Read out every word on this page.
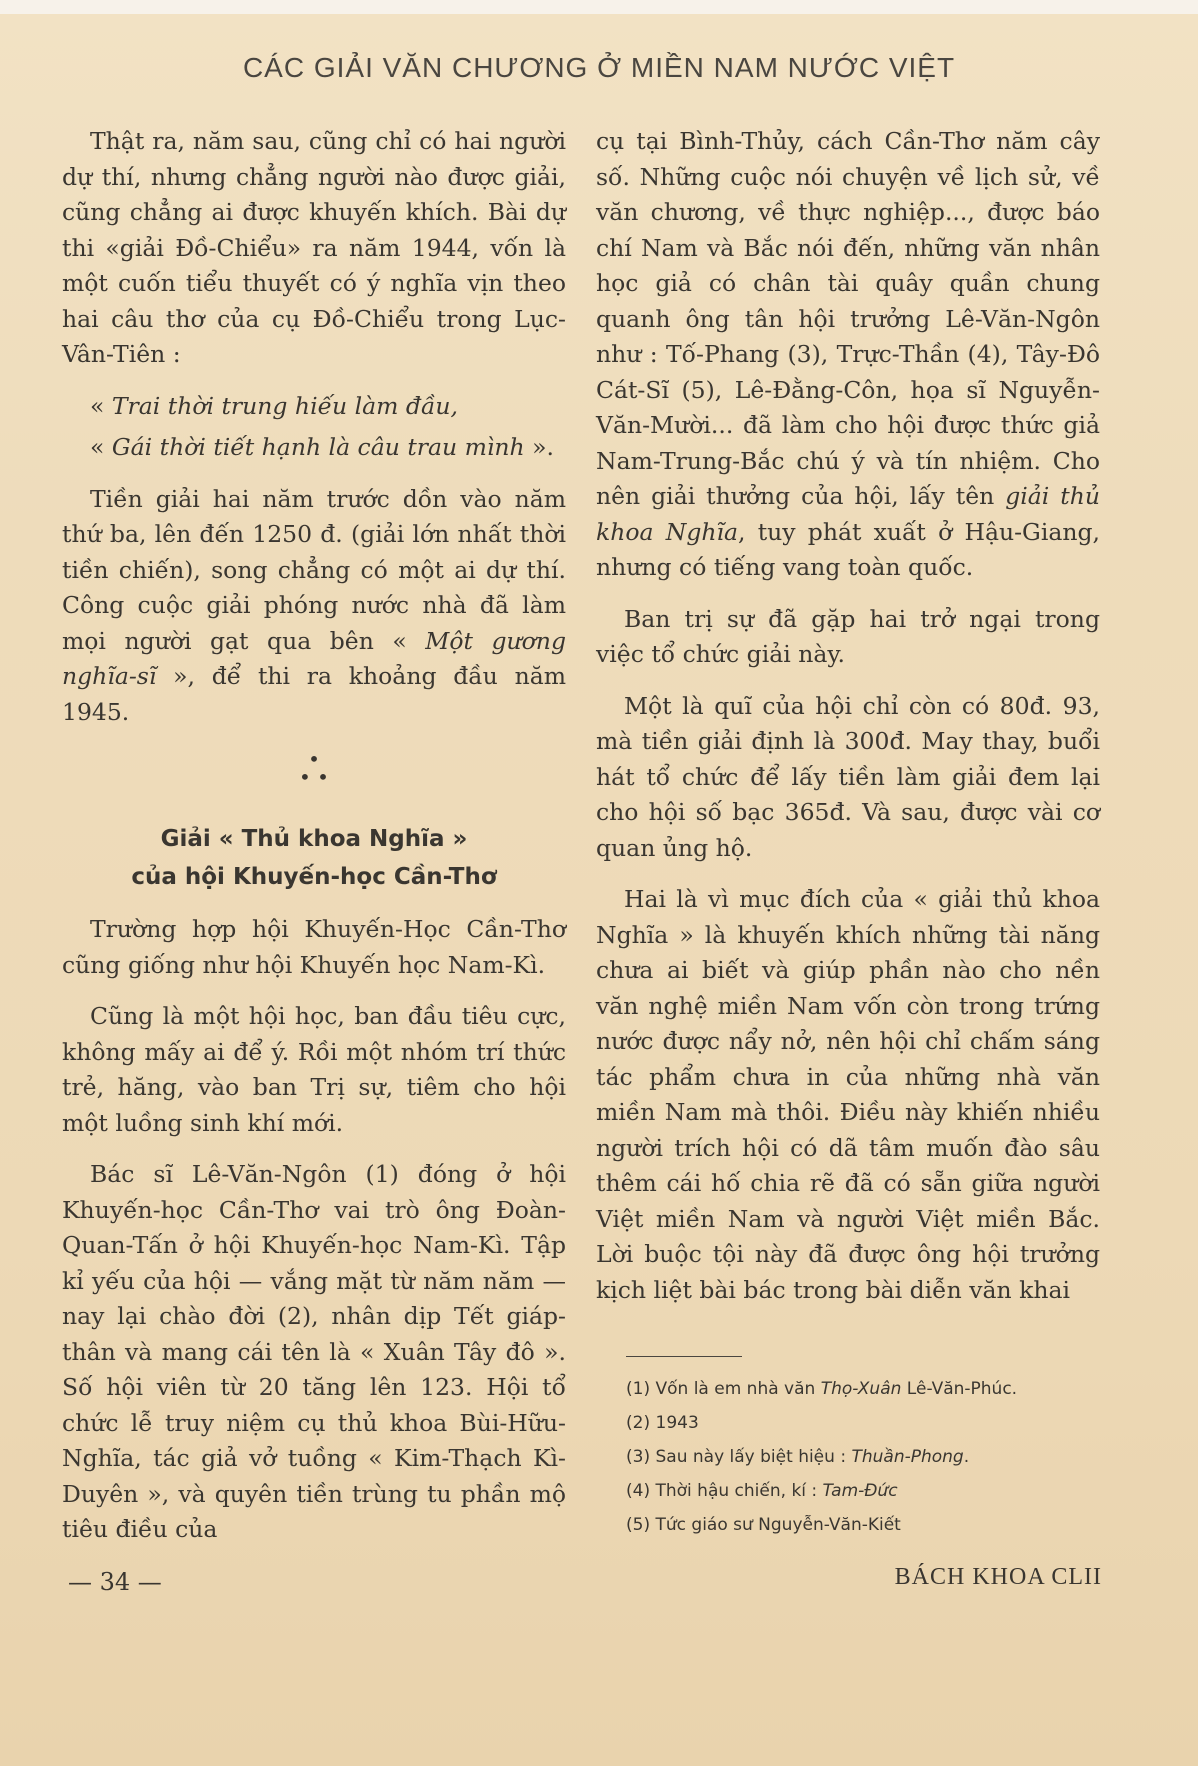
CÁC GIẢI VĂN CHƯƠNG Ở MIỀN NAM NƯỚC VIỆT

Thật ra, năm sau, cũng chỉ có hai người dự thí, nhưng chẳng người nào được giải, cũng chẳng ai được khuyến khích. Bài dự thi «giải Đồ-Chiểu» ra năm 1944, vốn là một cuốn tiểu thuyết có ý nghĩa vịn theo hai câu thơ của cụ Đồ-Chiểu trong Lục-Vân-Tiên :

« Trai thời trung hiếu làm đầu,
« Gái thời tiết hạnh là câu trau mình ».

Tiền giải hai năm trước dồn vào năm thứ ba, lên đến 1250 đ. (giải lớn nhất thời tiền chiến), song chẳng có một ai dự thí. Công cuộc giải phóng nước nhà đã làm mọi người gạt qua bên « Một gương nghĩa-sĩ », để thi ra khoảng đầu năm 1945.

•
• •
Giải « Thủ khoa Nghĩa »
của hội Khuyến-học Cần-Thơ

Trường hợp hội Khuyến-Học Cần-Thơ cũng giống như hội Khuyến học Nam-Kì.

Cũng là một hội học, ban đầu tiêu cực, không mấy ai để ý. Rồi một nhóm trí thức trẻ, hăng, vào ban Trị sự, tiêm cho hội một luồng sinh khí mới.

Bác sĩ Lê-Văn-Ngôn (1) đóng ở hội Khuyến-học Cần-Thơ vai trò ông Đoàn-Quan-Tấn ở hội Khuyến-học Nam-Kì. Tập kỉ yếu của hội — vắng mặt từ năm năm — nay lại chào đời (2), nhân dịp Tết giáp-thân và mang cái tên là « Xuân Tây đô ». Số hội viên từ 20 tăng lên 123. Hội tổ chức lễ truy niệm cụ thủ khoa Bùi-Hữu-Nghĩa, tác giả vở tuồng « Kim-Thạch Kì-Duyên », và quyên tiền trùng tu phần mộ tiêu điều của

cụ tại Bình-Thủy, cách Cần-Thơ năm cây số. Những cuộc nói chuyện về lịch sử, về văn chương, về thực nghiệp..., được báo chí Nam và Bắc nói đến, những văn nhân học giả có chân tài quây quần chung quanh ông tân hội trưởng Lê-Văn-Ngôn như : Tố-Phang (3), Trực-Thần (4), Tây-Đô Cát-Sĩ (5), Lê-Đằng-Côn, họa sĩ Nguyễn-Văn-Mười... đã làm cho hội được thức giả Nam-Trung-Bắc chú ý và tín nhiệm. Cho nên giải thưởng của hội, lấy tên giải thủ khoa Nghĩa, tuy phát xuất ở Hậu-Giang, nhưng có tiếng vang toàn quốc.

Ban trị sự đã gặp hai trở ngại trong việc tổ chức giải này.

Một là quĩ của hội chỉ còn có 80đ. 93, mà tiền giải định là 300đ. May thay, buổi hát tổ chức để lấy tiền làm giải đem lại cho hội số bạc 365đ. Và sau, được vài cơ quan ủng hộ.

Hai là vì mục đích của « giải thủ khoa Nghĩa » là khuyến khích những tài năng chưa ai biết và giúp phần nào cho nền văn nghệ miền Nam vốn còn trong trứng nước được nẩy nở, nên hội chỉ chấm sáng tác phẩm chưa in của những nhà văn miền Nam mà thôi. Điều này khiến nhiều người trích hội có dã tâm muốn đào sâu thêm cái hố chia rẽ đã có sẵn giữa người Việt miền Nam và người Việt miền Bắc. Lời buộc tội này đã được ông hội trưởng kịch liệt bài bác trong bài diễn văn khai

(1) Vốn là em nhà văn Thọ-Xuân Lê-Văn-Phúc.
(2) 1943
(3) Sau này lấy biệt hiệu : Thuần-Phong.
(4) Thời hậu chiến, kí : Tam-Đức
(5) Tức giáo sư Nguyễn-Văn-Kiết
— 34 —	BÁCH KHOA CLII
